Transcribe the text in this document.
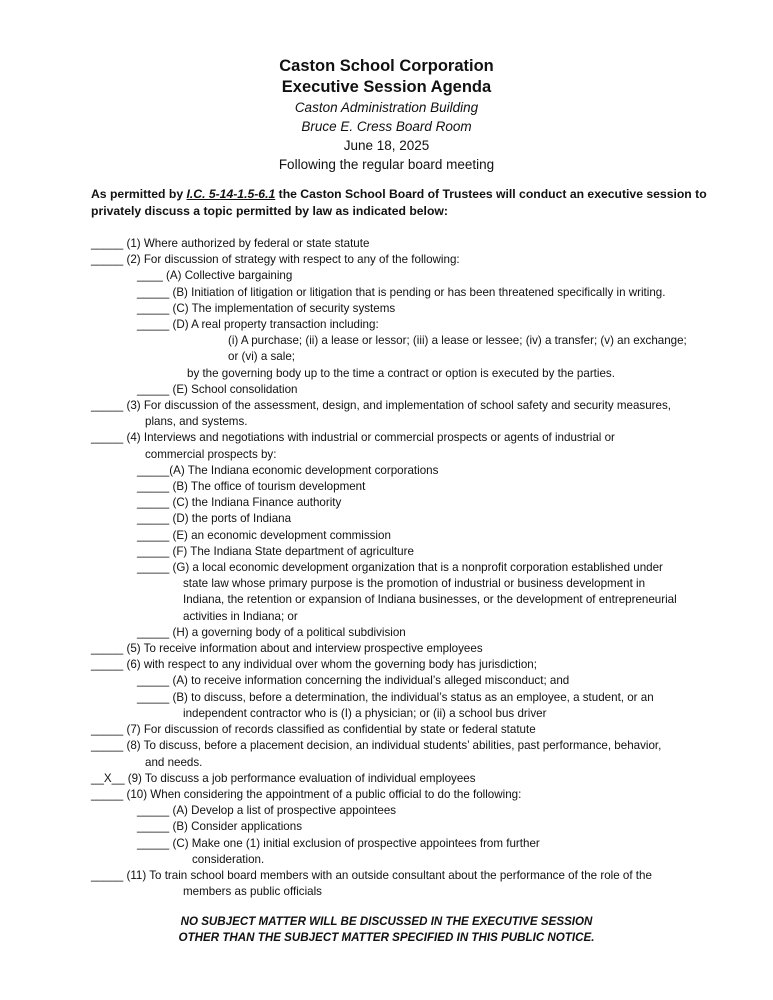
Caston School Corporation

Executive Session Agenda

Caston Administration Building

Bruce E. Cress Board Room

June 18, 2025

Following the regular board meeting

As permitted by I.C. 5-14-1.5-6.1 the Caston School Board of Trustees will conduct an executive session to privately discuss a topic permitted by law as indicated below:
_____ (1) Where authorized by federal or state statute
_____ (2) For discussion of strategy with respect to any of the following:
____ (A) Collective bargaining
_____ (B) Initiation of litigation or litigation that is pending or has been threatened specifically in writing.
_____ (C) The implementation of security systems
_____ (D) A real property transaction including:
(i) A purchase; (ii) a lease or lessor; (iii) a lease or lessee; (iv) a transfer; (v) an exchange;
or (vi) a sale;
by the governing body up to the time a contract or option is executed by the parties.
_____ (E) School consolidation
_____ (3) For discussion of the assessment, design, and implementation of school safety and security measures,
plans, and systems.
_____ (4) Interviews and negotiations with industrial or commercial prospects or agents of industrial or
commercial prospects by:
_____(A) The Indiana economic development corporations
_____ (B) The office of tourism development
_____ (C) the Indiana Finance authority
_____ (D) the ports of Indiana
_____ (E) an economic development commission
_____ (F) The Indiana State department of agriculture
_____ (G) a local economic development organization that is a nonprofit corporation established under
state law whose primary purpose is the promotion of industrial or business development in
Indiana, the retention or expansion of Indiana businesses, or the development of entrepreneurial
activities in Indiana; or
_____ (H) a governing body of a political subdivision
_____ (5) To receive information about and interview prospective employees
_____ (6) with respect to any individual over whom the governing body has jurisdiction;
_____ (A) to receive information concerning the individual’s alleged misconduct; and
_____ (B) to discuss, before a determination, the individual’s status as an employee, a student, or an
independent contractor who is (I) a physician; or (ii) a school bus driver
_____ (7) For discussion of records classified as confidential by state or federal statute
_____ (8) To discuss, before a placement decision, an individual students’ abilities, past performance, behavior,
and needs.
__X__ (9) To discuss a job performance evaluation of individual employees
_____ (10) When considering the appointment of a public official to do the following:
_____ (A) Develop a list of prospective appointees
_____ (B) Consider applications
_____ (C) Make one (1) initial exclusion of prospective appointees from further
consideration.
_____ (11) To train school board members with an outside consultant about the performance of the role of the
members as public officials
NO SUBJECT MATTER WILL BE DISCUSSED IN THE EXECUTIVE SESSION
OTHER THAN THE SUBJECT MATTER SPECIFIED IN THIS PUBLIC NOTICE.
